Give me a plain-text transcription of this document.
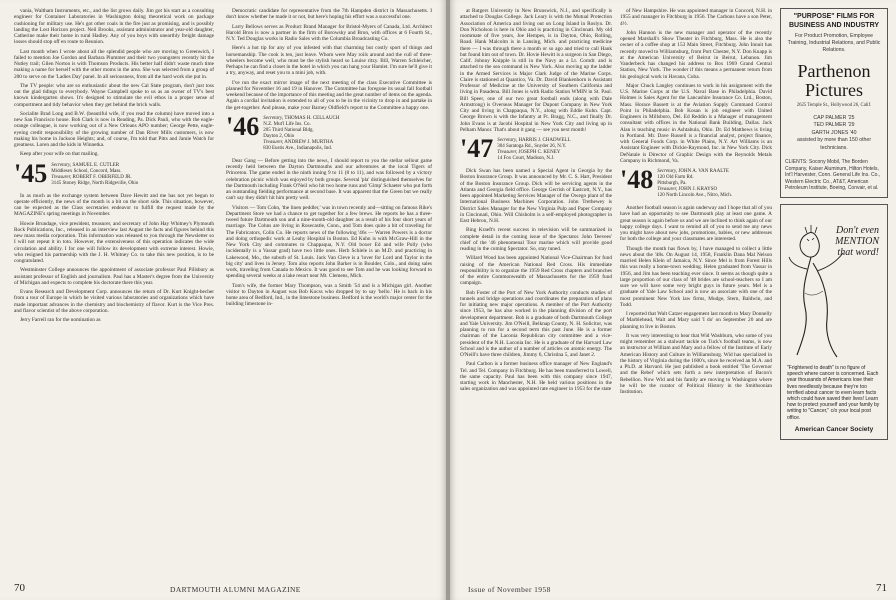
vania, Waltham Instruments, etc., and the list grows daily. Jim got his start as a consulting engineer for Container Laboratories in Washington doing theoretical work on package cushioning for military use. He's got other coals in the fire just as promising, and is possibly landing the Lost Horizon project. Neil Brooks, assistant administrator and year-old daughter, Catherine make their home in rural Hadley. Any of you boys with unearthly freight damage losses should stop off en route to Reunion.

Last month when I wrote about all the splendid people who are moving to Greenwich, I failed to mention Joe Gordon and Barbara Plummer and their two youngsters recently hit the Nutley trail; Gilen Norton is with Thomson Products. His better half didn't waste much time making a name for herself with the other moms in the area. She was selected from a group of 200 to serve on the 'Ladies Day' panel. In all seriousness, from all the hard work she put in.

The TV people: who are so enthusiastic about the new Cal State program, don't just toss out the glad tidings to everybody. Wayne Campbell spoke to us as an owner of TV's best known kindergarten shows. It's designed to stimulate the evil ethos in a proper sense of comportment and tidy behavior when they get behind the brick walls.

Socialite Brad Long and B.W. (beautiful wife, if you read the column) have moved into a new San Francisco house. Bob Clark is now in Reading, Pa. Dick Pauli, who with the eagle-orange colleague, is now working out of a New Orleans APO number; George Pette, eagle-eyeing credit responsibility of the growing number of Dan River Mills customers, is now making his home in Jackson Heights; and, of course, I'm told that Pitts and Jamie Watch for greatness. Loren and the kids in Winnetka.

Keep after your wife on that mailing.

'45 Secretary, SAMUEL E. CUTLER
Middlesex School, Concord, Mass.
Treasurer, ROBERT F. OBERFELD JR.
3145 Stoney Ridge, North Ridgeville, Ohio

In as much as the exchange system between Dave Hewitt and me has not yet begun to operate efficiently, the news of the month is a bit on the short side. This situation, however, can be expected as the Class secretaries endeavor to fulfill the request made by the MAGAZINE's spring meetings in November.

Howie Brundage, vice president, treasurer, and secretary of John Hay Whitney's Plymouth Rock Publications, Inc., released in an interview last August the facts and figures behind this new mass media corporation. This information was released to you through the Newsletter so I will not repeat it in toto. However, the extensiveness of this operation indicates the wide circulation and ability. I for one will follow its development with extreme interest. Howie, who resigned his partnership with the J. H. Whitney Co. to take this new position, is to be congratulated.

Westminster College announces the appointment of associate professor Paul Pillsbury as assistant professor of English and journalism. Paul has a Master's degree from the University of Michigan and expects to complete his doctorate there this year.

Evans Research and Development Corp. announces the return of Dr. Kurt Knight-becher from a tour of Europe in which he visited various laboratories and organizations which have made important advances in the chemistry and biochemistry of flavor. Kurt is the Vice Pres. and flavor scientist of the above corporation.

Jerry Farrell ran for the nomination as

Democratic candidate for representative from the 7th Hampden district in Massachusetts. I don't know whether he made it or not, but here's hoping his effort was a successful one.

Larry Bellows serves as Product Brand Manager for Bristol-Myers of Canada, Ltd. Architect Harold Bron is now a partner in the firm of Borowsky and Bron, with offices at 6 Fourth St., N.Y. Ted Douglas works in Radio Sales with the Columbia Broadcasting Co.

Here's a hot tip for any of you infested with that charming but costly sport of things and horsemanship. The cook is ten, just leave. Whom were May roils around and the cull of three-wheelers become well, who must be the stylish heard so Louise ritzy. Bill, Warren Schleicher, Perhaps he can find a closet in the hotel in which you can hang your Hamlet. I'm sure he'll give it a try, anyway, and reset you to a mini job, with.

I've run the exact mirror image of the next meeting of the class Executive Committee is planned for November 16 and 19 in Hanover. The Committee has foregone its usual fall football weekend because of the importance of this meeting and the great number of items on the agenda. Again a cordial invitation is extended to all of you to be in the vicinity to drop in and partake in the get-together. And please, make your Barney Oldfield's report to the Committee a happy one.

'46 Secretary, THOMAS H. CELLAUCH
N.Z. Mut'l Life Ins. Co.
205 Third National Bldg.
Dayton 2, Ohio
Treasurer, ANDREW J. MURTHA
830 Eustis Ave., Indianapolis, Ind.

Dear Gang — Before getting into the news, I should report to you the stellar sellout game recently held between the Dayton Dartmouths and our adventures at the local Tigers of Princeton. The game ended in the ninth inning 9 to 11 (8 to 11), and was followed by a victory celebration picnic which was enjoyed by both groups. Several 'pla' distinguished themselves for the Dartmouth including Frank O'Neil who hit two home runs and 'Gimp' Schaeter who put forth an outstanding fielding performance at second base. It was apparent that the Green but we really can't say they didn't hit him pretty well.

Visitors — Tom Cohn, 'the linen peddler,' was in town recently and—sitting on famous Rike's Department Store we had a chance to get together for a few brews. He reports he has a three-tweed future Dartmouth son and a nine-month-old daughter as a result of his four short years of marriage. The Cohns are living in Rosecastle, Conn., and Tom does quite a bit of traveling for The Fabricators, Colin Co. He reports news of the following '46s — Warren Powers is a doctor and doing orthopedic work at Leahy Hospital in Boston. Ed Kuhn is with McGraw-Hill in the New York City and commutes to Chappaqua, N.Y. Old boxer Ed and wife Polly (who incidentally is a Vassar grad) have two little ones. Herb Schlele is an M.D. and practicing in Lakewood, Mo., the suburb of St. Louis. Jack Van Cleve is a 'lover for Lord and Taylor in the big city' and lives in Jersey. Tom also reports John Barker is in Boulder, Colo., and doing sales work, traveling from Canada to Mexico. It was good to see Tom and he was looking forward to spending several weeks at a lake resort near Mt. Clemens, Mich.

Tom's wife, the former Mary Thompson, was a Smith '54 and is a Michigan girl. Another visitor to Dayton in August was Bob Kocss who dropped by to say 'hello.' He is back in his home area of Bedford, Ind., in the limestone business. Bedford is the world's major center for the building limestone in-

70	DARTMOUTH ALUMNI MAGAZINE

at Rutgers University in New Brunswick, N.J., and specifically is attached to Douglas College. Jack Leary is with the Mutual Protection Association of America and living out on Long Island in Roslyn. Dr. Don Nicholson is here in Ohio and is practicing in Cincinnati. My old roommate of five years, Joe Hempes, is in Dayton, Ohio, Rolling, Road. Hank Malcolm is in Lansing, Mich. and practicing medicine there — I was through there a month or so ago and tried to call Hank but found him out of town. Dr. Hovie Hewitt is a surgeon in San Diego, Calif. Johnny Knipple is still in the Navy as a Lt. Comdr. and is attached to the sea command in New York. Also moving up the ladder in the Armed Services is Major Clark Judge of the Marine Corps. Claire is stationed at Quantico, Va. Dr. David Blankenhorn is Assistant Professor of Medicine at the University of Southern California and living in Pasadena. Bill Jones is with Radio Station WMIN in St. Paul. Bill Speer, one of our two great football ends (along with Dale Armstrong) is Overseas Manager for Dupont Company in New York City and living in Chappaqua, N.Y., along with Eddie Kuhn. Capt. George Brown is with the Infantry at Ft. Bragg, N.C., and finally Dr. John Evans is at Jacobi Hospital in New York City and living up in Pelham Manor. That's about it gang — see you next month!

'47 Secretary, HARRIS J. CHADWELL
304 Saratoga Rd., Snyder 26, N.Y.
Treasurer, JOSEPH C. KENEY
14 Fox Court, Madison, N.J.

Dick Swan has been named a Special Agent in Georgia by the Boston Insurance Group. It was announced by Mr. C. S. Hart, President of the Boston Insurance Group. Dick will be servicing agents in the Atlanta and Georgia field office. George Gerrish of Eastcott, N.Y., has been appointed Marketing Services Manager of the Owego plant of the International Business Machines Corporation. John Trethewey is District Sales Manager for the New Virginia Pulp and Paper Company in Cincinnati, Ohio. Will Chisholm is a self-employed photographer in East Hebron, N.H.

Bing Kraeft's recent success in television will be summarized in complete detail in the coming issue of the Spectator. John Teevees' chief of the '46 phenomenal Tour marine which will provide good reading in the coming Spectator. So, stay tuned.

Willard Wood has been appointed National Vice-Chairman for fund raising of the American National Red Cross. His immediate responsibility is to organize the 1959 Red Cross chapters and branches of the entire Commonwealth of Massachusetts for the 1959 fund campaign.

Bob Foster of the Port of New York Authority conducts studies of tunnels and bridge operations and coordinates the preparation of plans for initiating new major operations. A member of the Port Authority since 1953, he has also worked in the planning division of the port development department. Bob is a graduate of both Dartmouth College and Yale University. Jim O'Neill, Belknap County, N. H. Solicitor, was planning to run for a second term this past June. He is a former chairman of the Laconia Republican city committee and a vice-president of the N.H. Laconia Inc. He is a graduate of the Harvard Law School and is the author of a number of articles on atomic energy. The O'Neill's have three children, Jimmy 6, Christina 5, and Janet 2.

Paul Carbon is a former business office manager of New England's Tel. and Tel. Company in Fitchburg. He has been transferred to Lowell, the same capacity. Paul has been with this company since 1947, starting work in Manchester, N.H. He held various positions in the sales organization and was appointed rate engineer in 1953 for the state

of New Hampshire. He was appointed manager in Concord, N.H. in 1955 and manager in Fitchburg in 1956. The Carbons have a son Peter, 4½.

John Hannon is the new manager and operator of the recently opened Marshall's Show Theater in Fitchburg, Mass. He is also the owner of a coffee shop at 153 Main Street, Fitchburg. John Innuit has recently moved to Williamsburg, from Port Chester, N.Y. Don Knapp is at the American University of Beirut in Beirut, Lebanon. Jim Vanderbeck has changed his address to Box 1969 Grand Central Station, New York. The wonder if this means a permanent return from his geological work in Havana, Cuba.

Major Chuck Langley continues to work in his assignment with the U.S. Marine Corps at the U.S. Naval Base in Philadelphia. David Holmes is Sales Agent for the Lancashire Insurance Co. Ltd., Boston, Mass. Horace Bassett is at the Aviation Supply Command Control Point in Philadelphia. Bob Kosan is job engineer with United Engineers in Millsboro, Del. Ed Reddin is a Manager of management consultant with offices in the National Bank Building, Dallas. Jack Alan is teaching music in Ashtabula, Ohio. Dr. Ed Matthews is living in Portland. Mr. Dave Russell is a financial analyst, project finance, with General Foods Corp. in White Plains, N.Y. Art Williams is an Assistant Engineer with Dickie-Raymond, Inc. in New York City. Dick DeNatale is Director of Graphic Design with the Reynolds Metals Company in Richmond, Va.

'48 Secretary, JOHN A. VAN RAALTE
120 Old Farm Rd.
Pittsburgh, Pa.
Treasurer, JOHN J. KRAYSO
120 North Lincoln Ave., Nitro, Mich.

Another football season is again underway and I hope that all of you have had an opportunity to see Dartmouth play at least one game. A great season is again before us and we are inclined to think again of our happy college days. I want to remind all of you to send me any news you might have about new jobs, promotions, babies, or new addresses for both the college and your classmates are interested.

Though the month has flown by, I have managed to collect a little news about the '48s. On August 14, 1958, Franklin Dana Mal Nelson married Helen Klein of Jamaica, N.Y. Since Mel is from Forest Hills this was really a home-town wedding. Helen graduated from Vassar in 1956, and Jim has been teaching ever since. It seems as though quite a large proportion of our class of '48 brides are school-teachers so I am sure we will have some very bright guys in future years. Mel is a graduate of Yale Law School and is now an associate with one of the most prominent New York law firms, Mudge, Stern, Baldwin, and Todd.

I reported that Walt Catzer engagement last month to Mary Donnelly of Marblehead, Walt and Mary said 'I do' on September 20 and are planning to live in Boston.

It was very interesting to hear that Wid Washburn, who some of you might remember as a stalwart tackle on Tuck's football teams, is now an instructor at William and Mary and a fellow of the Institute of Early American History and Culture in Williamsburg. Wid has specialized in the history of Virginia during the 1600's, since he received an M.A. and a Ph.D. at Harvard. He just published a book entitled 'The Governor and the Rebel' which sets forth a new interpretation of Bacon's Rebellion. Now Wid and his family are moving to Washington where he will be the curator of Political History in the Smithsonian Institution.

"PURPOSE" FILMS FOR BUSINESS AND INDUSTRY
For Product Promotion, Employee Training, Industrial Relations, and Public Relations.
Parthenon Pictures
2625 Temple St., Hollywood 26, Calif.
CAP PALMER '25
TED PALMER '29
GARTH JONES '40
assisted by more than 150 other technicians.
CLIENTS: Socony Mobil, The Borden Company, Kaiser Aluminum, Hilton Hotels, Int'l Harvester, Conn. General Life Ins. Co., Western Electric Co., AT&T, American Petroleum Institute, Boeing, Convair, et al.
Don't even MENTION that word!
"Frightened to death" is no figure of speech where cancer is concerned. Each year thousands of Americans lose their lives needlessly because they're too terrified about cancer to even learn facts which could have saved their lives! Learn how to protect yourself and your family by writing to "Cancer," c/o your local post office.
American Cancer Society
Issue of November 1958	71
